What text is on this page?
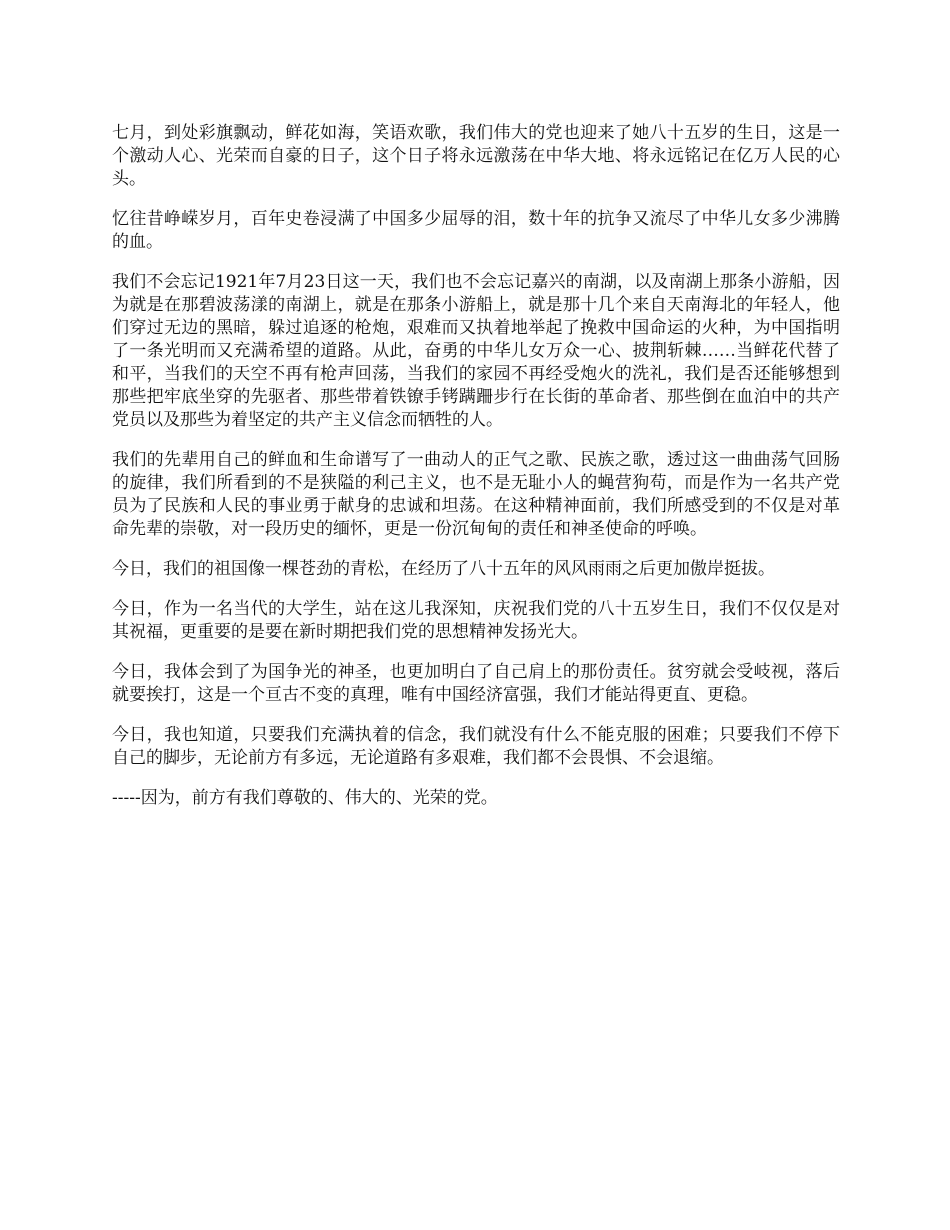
七月，到处彩旗飘动，鲜花如海，笑语欢歌，我们伟大的党也迎来了她八十五岁的生日，这是一个激动人心、光荣而自豪的日子，这个日子将永远激荡在中华大地、将永远铭记在亿万人民的心头。

忆往昔峥嵘岁月，百年史卷浸满了中国多少屈辱的泪，数十年的抗争又流尽了中华儿女多少沸腾的血。

我们不会忘记1921年7月23日这一天，我们也不会忘记嘉兴的南湖，以及南湖上那条小游船，因为就是在那碧波荡漾的南湖上，就是在那条小游船上，就是那十几个来自天南海北的年轻人，他们穿过无边的黑暗，躲过追逐的枪炮，艰难而又执着地举起了挽救中国命运的火种，为中国指明了一条光明而又充满希望的道路。从此，奋勇的中华儿女万众一心、披荆斩棘……当鲜花代替了和平，当我们的天空不再有枪声回荡，当我们的家园不再经受炮火的洗礼，我们是否还能够想到那些把牢底坐穿的先驱者、那些带着铁镣手铐蹒跚步行在长街的革命者、那些倒在血泊中的共产党员以及那些为着坚定的共产主义信念而牺牲的人。

我们的先辈用自己的鲜血和生命谱写了一曲动人的正气之歌、民族之歌，透过这一曲曲荡气回肠的旋律，我们所看到的不是狭隘的利己主义，也不是无耻小人的蝇营狗苟，而是作为一名共产党员为了民族和人民的事业勇于献身的忠诚和坦荡。在这种精神面前，我们所感受到的不仅是对革命先辈的崇敬，对一段历史的缅怀，更是一份沉甸甸的责任和神圣使命的呼唤。

今日，我们的祖国像一棵苍劲的青松，在经历了八十五年的风风雨雨之后更加傲岸挺拔。

今日，作为一名当代的大学生，站在这儿我深知，庆祝我们党的八十五岁生日，我们不仅仅是对其祝福，更重要的是要在新时期把我们党的思想精神发扬光大。

今日，我体会到了为国争光的神圣，也更加明白了自己肩上的那份责任。贫穷就会受岐视，落后就要挨打，这是一个亘古不变的真理，唯有中国经济富强，我们才能站得更直、更稳。

今日，我也知道，只要我们充满执着的信念，我们就没有什么不能克服的困难；只要我们不停下自己的脚步，无论前方有多远，无论道路有多艰难，我们都不会畏惧、不会退缩。

-----因为，前方有我们尊敬的、伟大的、光荣的党。
